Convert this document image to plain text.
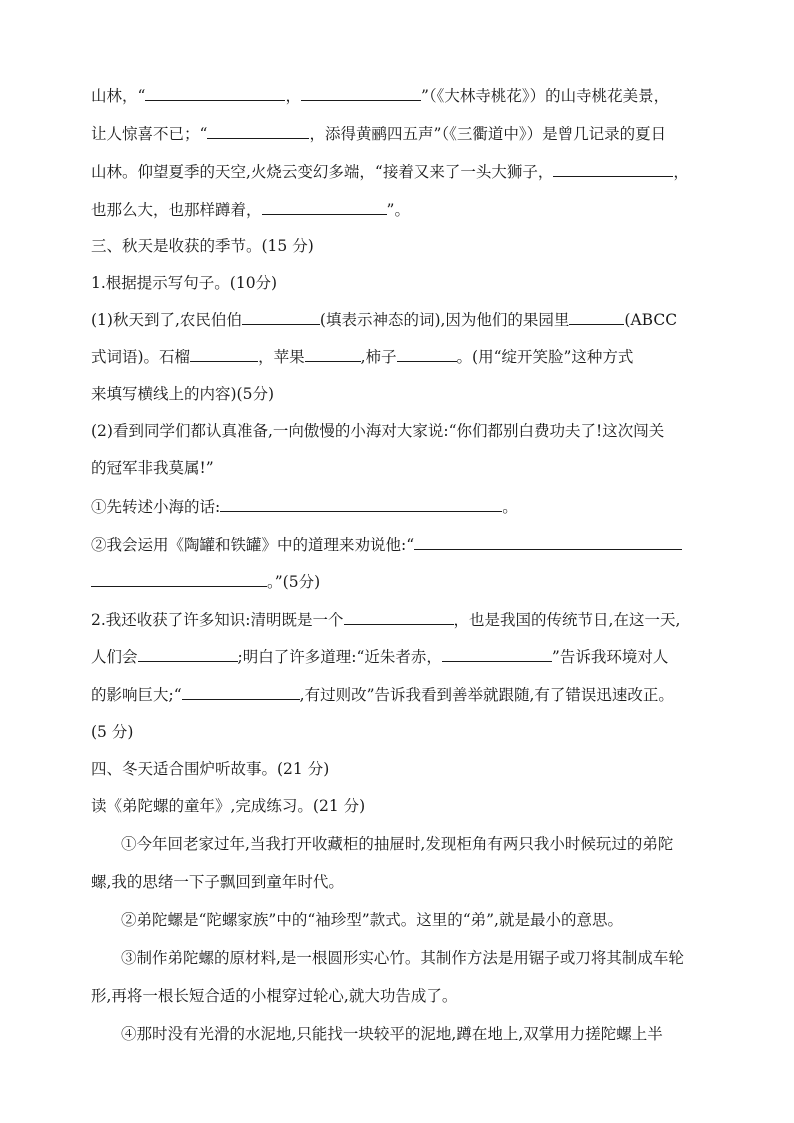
山林，“	，	”（《大林寺桃花》）的山寺桃花美景，
让人惊喜不已；“	，添得黄鹂四五声”（《三衢道中》）是曾几记录的夏日
山林。仰望夏季的天空,火烧云变幻多端，“接着又来了一头大狮子，	，
也那么大，也那样蹲着，	”。
三、秋天是收获的季节。(15 分)
1.根据提示写句子。(10分)
(1)秋天到了,农民伯伯	(填表示神态的词),因为他们的果园里	(ABCC
式词语)。石榴	，苹果	,柿子	。(用“绽开笑脸”这种方式
来填写横线上的内容)(5分)
(2)看到同学们都认真准备,一向傲慢的小海对大家说:“你们都别白费功夫了!这次闯关
的冠军非我莫属!”
①先转述小海的话:	。
②我会运用《陶罐和铁罐》中的道理来劝说他:“
。”(5分)
2.我还收获了许多知识:清明既是一个	，也是我国的传统节日,在这一天,
人们会	;明白了许多道理:“近朱者赤，	”告诉我环境对人
的影响巨大;“	,有过则改”告诉我看到善举就跟随,有了错误迅速改正。
(5 分)
四、冬天适合围炉听故事。(21 分)
读《弟陀螺的童年》,完成练习。(21 分)
①今年回老家过年,当我打开收藏柜的抽屉时,发现柜角有两只我小时候玩过的弟陀
螺,我的思绪一下子飘回到童年时代。
②弟陀螺是“陀螺家族”中的“袖珍型”款式。这里的“弟”,就是最小的意思。
③制作弟陀螺的原材料,是一根圆形实心竹。其制作方法是用锯子或刀将其制成车轮
形,再将一根长短合适的小棍穿过轮心,就大功告成了。
④那时没有光滑的水泥地,只能找一块较平的泥地,蹲在地上,双掌用力搓陀螺上半
